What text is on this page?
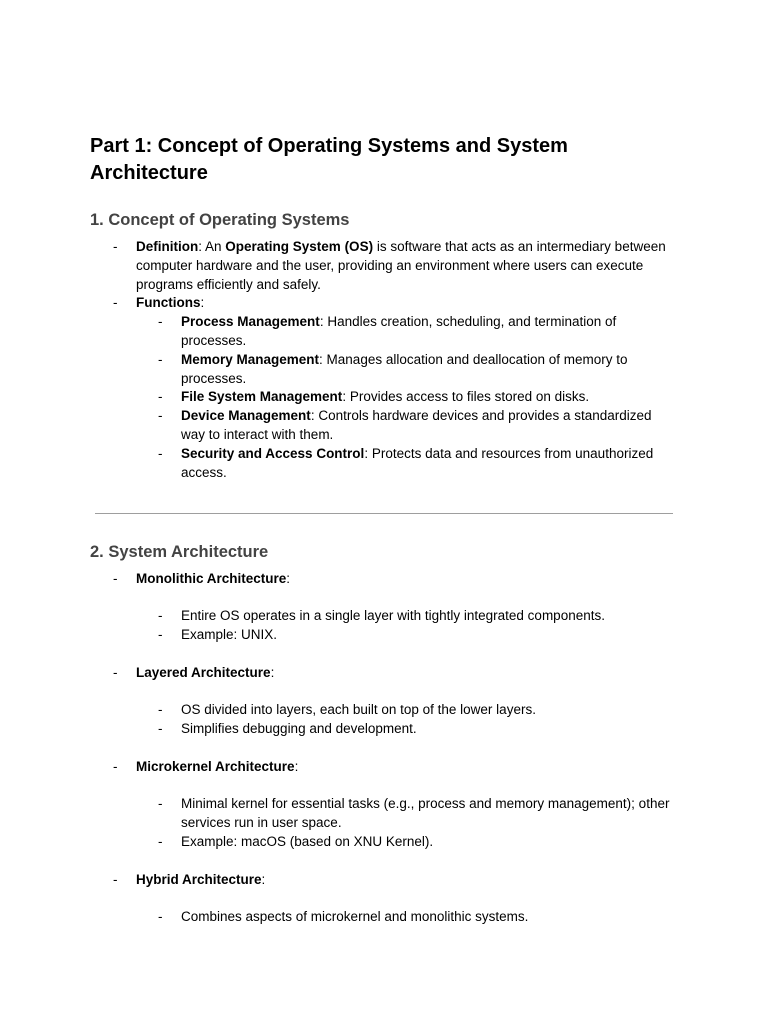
Part 1: Concept of Operating Systems and System Architecture
1. Concept of Operating Systems
-	Definition: An Operating System (OS) is software that acts as an intermediary between computer hardware and the user, providing an environment where users can execute programs efficiently and safely.
-	Functions:
-	Process Management: Handles creation, scheduling, and termination of processes.
-	Memory Management: Manages allocation and deallocation of memory to processes.
-	File System Management: Provides access to files stored on disks.
-	Device Management: Controls hardware devices and provides a standardized way to interact with them.
-	Security and Access Control: Protects data and resources from unauthorized access.
2. System Architecture
-	Monolithic Architecture:
-	Entire OS operates in a single layer with tightly integrated components.
-	Example: UNIX.
-	Layered Architecture:
-	OS divided into layers, each built on top of the lower layers.
-	Simplifies debugging and development.
-	Microkernel Architecture:
-	Minimal kernel for essential tasks (e.g., process and memory management); other services run in user space.
-	Example: macOS (based on XNU Kernel).
-	Hybrid Architecture:
-	Combines aspects of microkernel and monolithic systems.
